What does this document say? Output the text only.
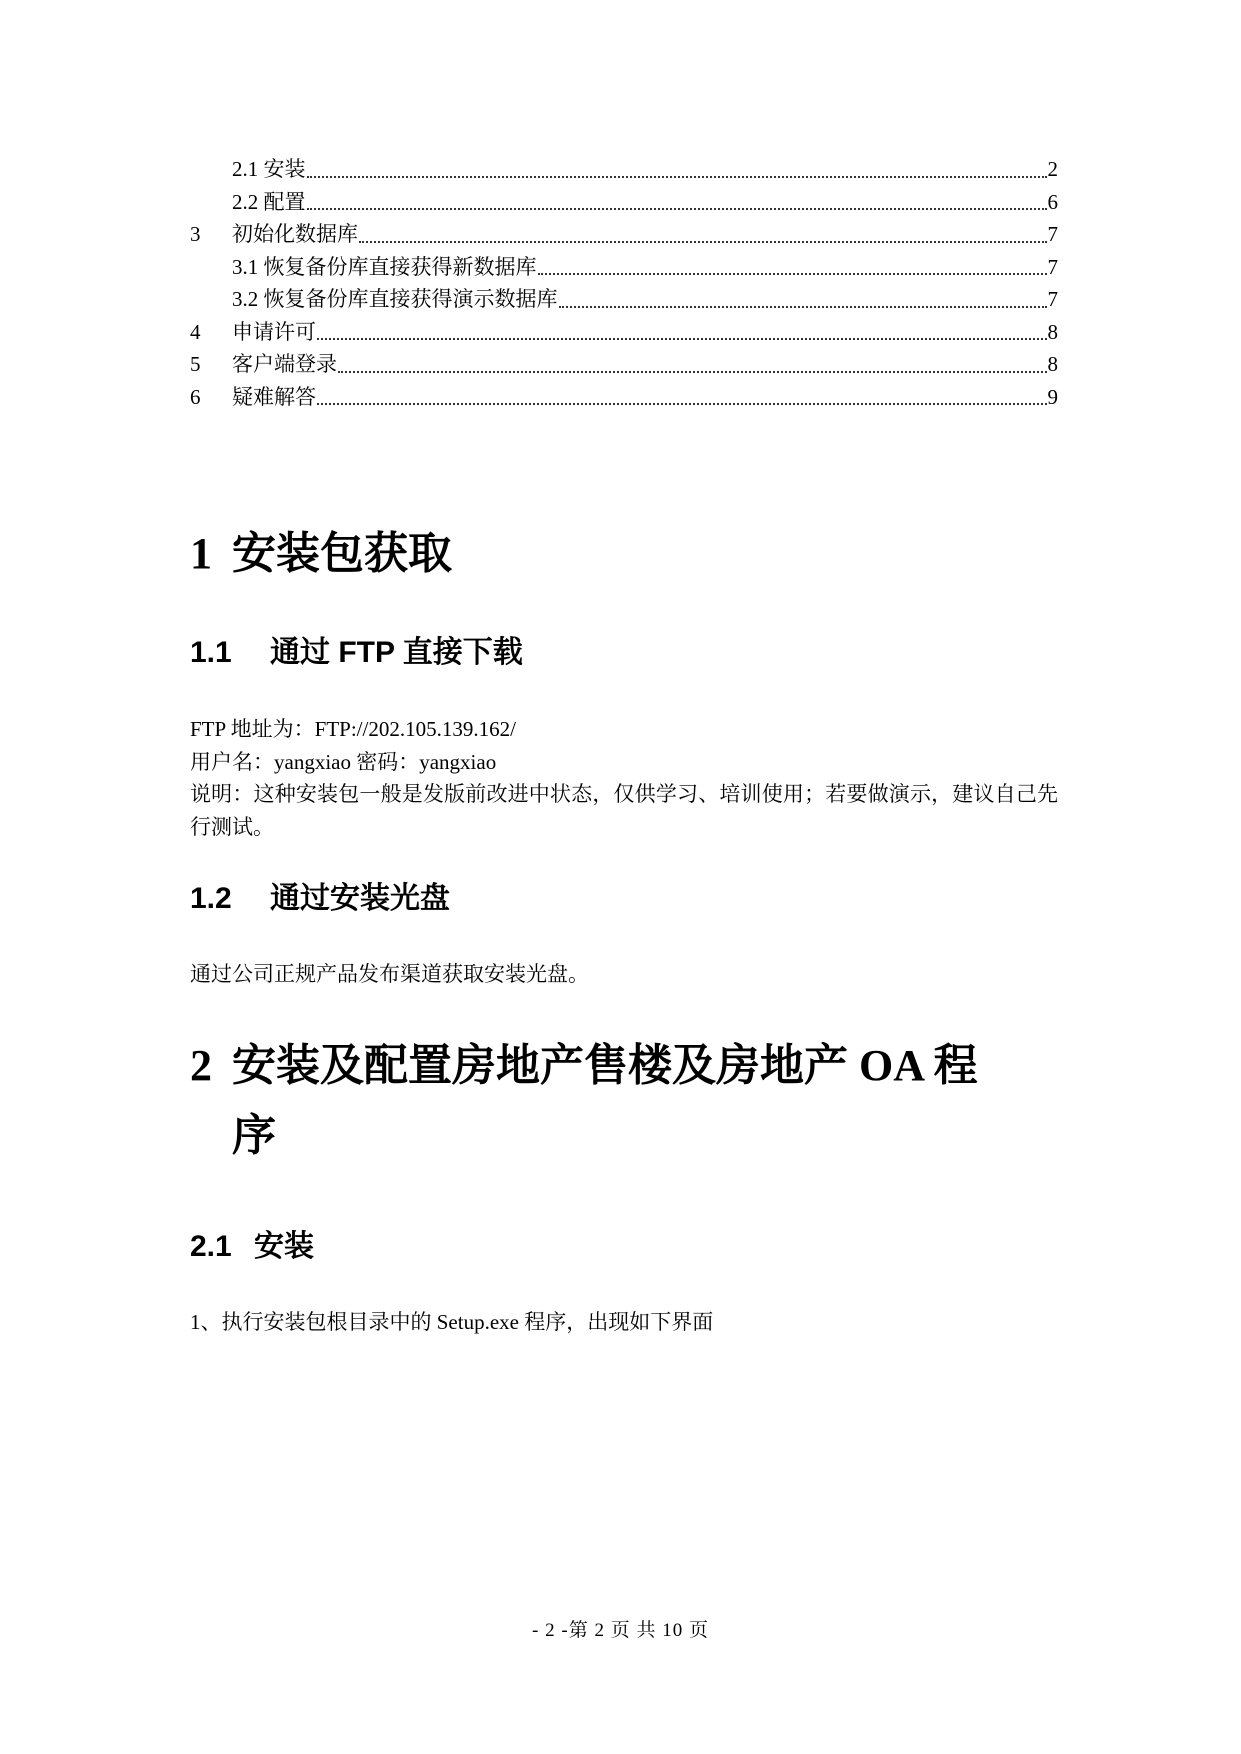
2.1 安装	2
2.2 配置	6
3	初始化数据库	7
3.1 恢复备份库直接获得新数据库	7
3.2 恢复备份库直接获得演示数据库	7
4	申请许可	8
5	客户端登录	8
6	疑难解答	9
1 安装包获取
1.1 通过 FTP 直接下载

FTP 地址为：FTP://202.105.139.162/

用户名：yangxiao 密码：yangxiao

说明：这种安装包一般是发版前改进中状态，仅供学习、培训使用；若要做演示，建议自己先行测试。

1.2 通过安装光盘

通过公司正规产品发布渠道获取安装光盘。

2 安装及配置房地产售楼及房地产 OA 程
序
2.1 安装

1、执行安装包根目录中的 Setup.exe 程序，出现如下界面

- 2 -第 2 页 共 10 页
